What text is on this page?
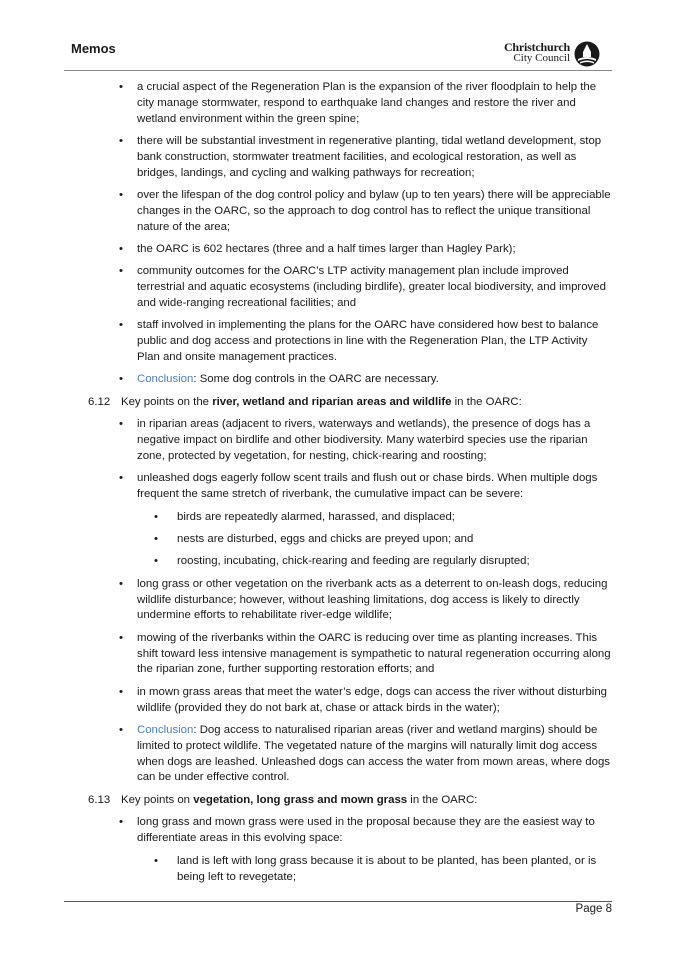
Memos	Christchurch
City Council
•	a crucial aspect of the Regeneration Plan is the expansion of the river floodplain to help the city manage stormwater, respond to earthquake land changes and restore the river and wetland environment within the green spine;
•	there will be substantial investment in regenerative planting, tidal wetland development, stop bank construction, stormwater treatment facilities, and ecological restoration, as well as bridges, landings, and cycling and walking pathways for recreation;
•	over the lifespan of the dog control policy and bylaw (up to ten years) there will be appreciable changes in the OARC, so the approach to dog control has to reflect the unique transitional nature of the area;
•	the OARC is 602 hectares (three and a half times larger than Hagley Park);
•	community outcomes for the OARC’s LTP activity management plan include improved terrestrial and aquatic ecosystems (including birdlife), greater local biodiversity, and improved and wide-ranging recreational facilities; and
•	staff involved in implementing the plans for the OARC have considered how best to balance public and dog access and protections in line with the Regeneration Plan, the LTP Activity Plan and onsite management practices.
•	Conclusion: Some dog controls in the OARC are necessary.
6.12 Key points on the river, wetland and riparian areas and wildlife in the OARC:
•	in riparian areas (adjacent to rivers, waterways and wetlands), the presence of dogs has a negative impact on birdlife and other biodiversity. Many waterbird species use the riparian zone, protected by vegetation, for nesting, chick-rearing and roosting;
•	unleashed dogs eagerly follow scent trails and flush out or chase birds. When multiple dogs frequent the same stretch of riverbank, the cumulative impact can be severe:
• birds are repeatedly alarmed, harassed, and displaced;
• nests are disturbed, eggs and chicks are preyed upon; and
• roosting, incubating, chick-rearing and feeding are regularly disrupted;
•	long grass or other vegetation on the riverbank acts as a deterrent to on-leash dogs, reducing wildlife disturbance; however, without leashing limitations, dog access is likely to directly undermine efforts to rehabilitate river-edge wildlife;
•	mowing of the riverbanks within the OARC is reducing over time as planting increases. This shift toward less intensive management is sympathetic to natural regeneration occurring along the riparian zone, further supporting restoration efforts; and
•	in mown grass areas that meet the water’s edge, dogs can access the river without disturbing wildlife (provided they do not bark at, chase or attack birds in the water);
•	Conclusion: Dog access to naturalised riparian areas (river and wetland margins) should be limited to protect wildlife. The vegetated nature of the margins will naturally limit dog access when dogs are leashed. Unleashed dogs can access the water from mown areas, where dogs can be under effective control.
6.13 Key points on vegetation, long grass and mown grass in the OARC:
•	long grass and mown grass were used in the proposal because they are the easiest way to differentiate areas in this evolving space:
• land is left with long grass because it is about to be planted, has been planted, or is being left to revegetate;
Page 8
